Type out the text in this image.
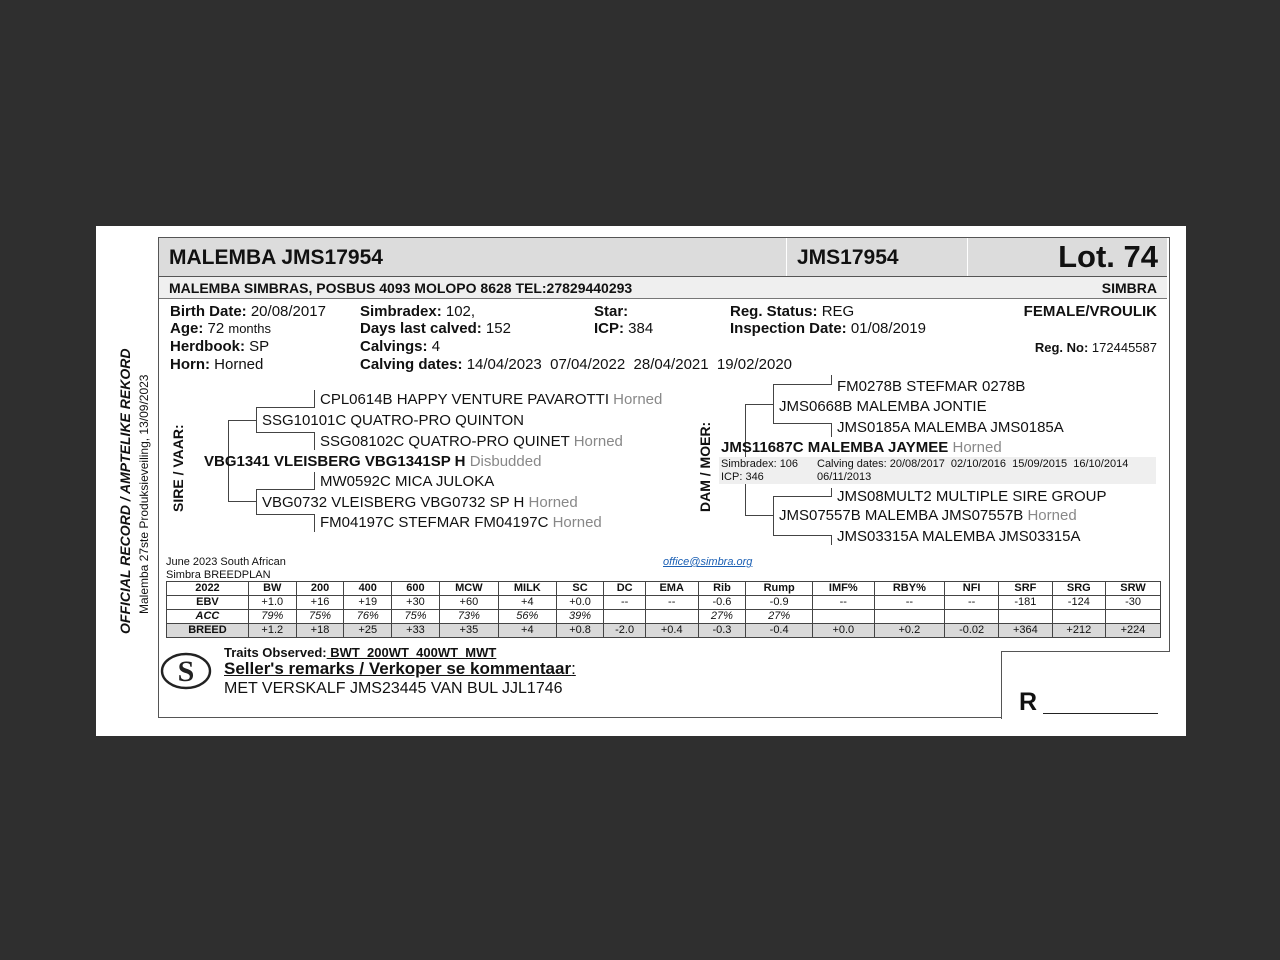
OFFICIAL RECORD / AMPTELIKE REKORD Malemba 27ste Produksieveiling, 13/09/2023
MALEMBA JMS17954	JMS17954	Lot. 74
MALEMBA SIMBRAS, POSBUS 4093 MOLOPO 8628 TEL:27829440293	SIMBRA
Birth Date: 20/08/2017
Age: 72 months
Herdbook: SP
Horn: Horned
Simbradex: 102,
Days last calved: 152
Calvings: 4
Calving dates: 14/04/2023  07/04/2022  28/04/2021  19/02/2020
Star:
ICP: 384
Reg. Status: REG
Inspection Date: 01/08/2019
FEMALE/VROULIK
Reg. No: 172445587
SIRE / VAAR:
CPL0614B HAPPY VENTURE PAVAROTTI Horned
SSG10101C QUATRO-PRO QUINTON
SSG08102C QUATRO-PRO QUINET Horned
VBG1341 VLEISBERG VBG1341SP H Disbudded
MW0592C MICA JULOKA
VBG0732 VLEISBERG VBG0732 SP H Horned
FM04197C STEFMAR FM04197C Horned
DAM / MOER:
FM0278B STEFMAR 0278B
JMS0668B MALEMBA JONTIE
JMS0185A MALEMBA JMS0185A
JMS11687C MALEMBA JAYMEE Horned
Simbradex: 106
ICP: 346
Calving dates: 20/08/2017  02/10/2016  15/09/2015  16/10/2014
06/11/2013
JMS08MULT2 MULTIPLE SIRE GROUP
JMS07557B MALEMBA JMS07557B Horned
JMS03315A MALEMBA JMS03315A
June 2023 South African
Simbra BREEDPLAN
office@simbra.org
2022	BW	200	400	600	MCW	MILK	SC	DC	EMA	Rib	Rump	IMF%	RBY%	NFI	SRF	SRG	SRW
EBV	+1.0	+16	+19	+30	+60	+4	+0.0	--	--	-0.6	-0.9	--	--	--	-181	-124	-30
ACC	79%	75%	76%	75%	73%	56%	39%			27%	27%						
BREED	+1.2	+18	+25	+33	+35	+4	+0.8	-2.0	+0.4	-0.3	-0.4	+0.0	+0.2	-0.02	+364	+212	+224
S
Traits Observed: BWT  200WT  400WT  MWT
Seller's remarks / Verkoper se kommentaar:
MET VERSKALF JMS23445 VAN BUL JJL1746	R
